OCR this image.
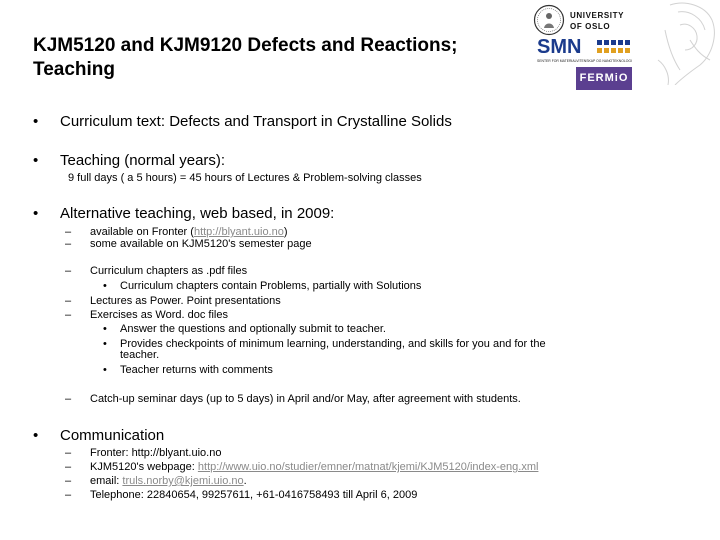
UNIVERSITY
OF OSLO
SMN
SENTER FOR MATERIALVITENSKAP OG NANOTEKNOLOGI
FERMiO
KJM5120 and KJM9120 Defects and Reactions;
Teaching
• Curriculum text: Defects and Transport in Crystalline Solids
• Teaching (normal years):
9 full days ( a 5 hours) = 45 hours of Lectures & Problem-solving classes
• Alternative teaching, web based, in 2009:
– available on Fronter (http://blyant.uio.no)
– some available on KJM5120's semester page
– Curriculum chapters as .pdf files
• Curriculum chapters contain Problems, partially with Solutions
– Lectures as Power. Point presentations
– Exercises as Word. doc files
• Answer the questions and optionally submit to teacher.
• Provides checkpoints of minimum learning, understanding, and skills for you and for the
teacher.
• Teacher returns with comments
– Catch-up seminar days (up to 5 days) in April and/or May, after agreement with students.
• Communication
– Fronter: http://blyant.uio.no
– KJM5120's webpage: http://www.uio.no/studier/emner/matnat/kjemi/KJM5120/index-eng.xml
– email: truls.norby@kjemi.uio.no.
– Telephone: 22840654, 99257611, +61-0416758493 till April 6, 2009
